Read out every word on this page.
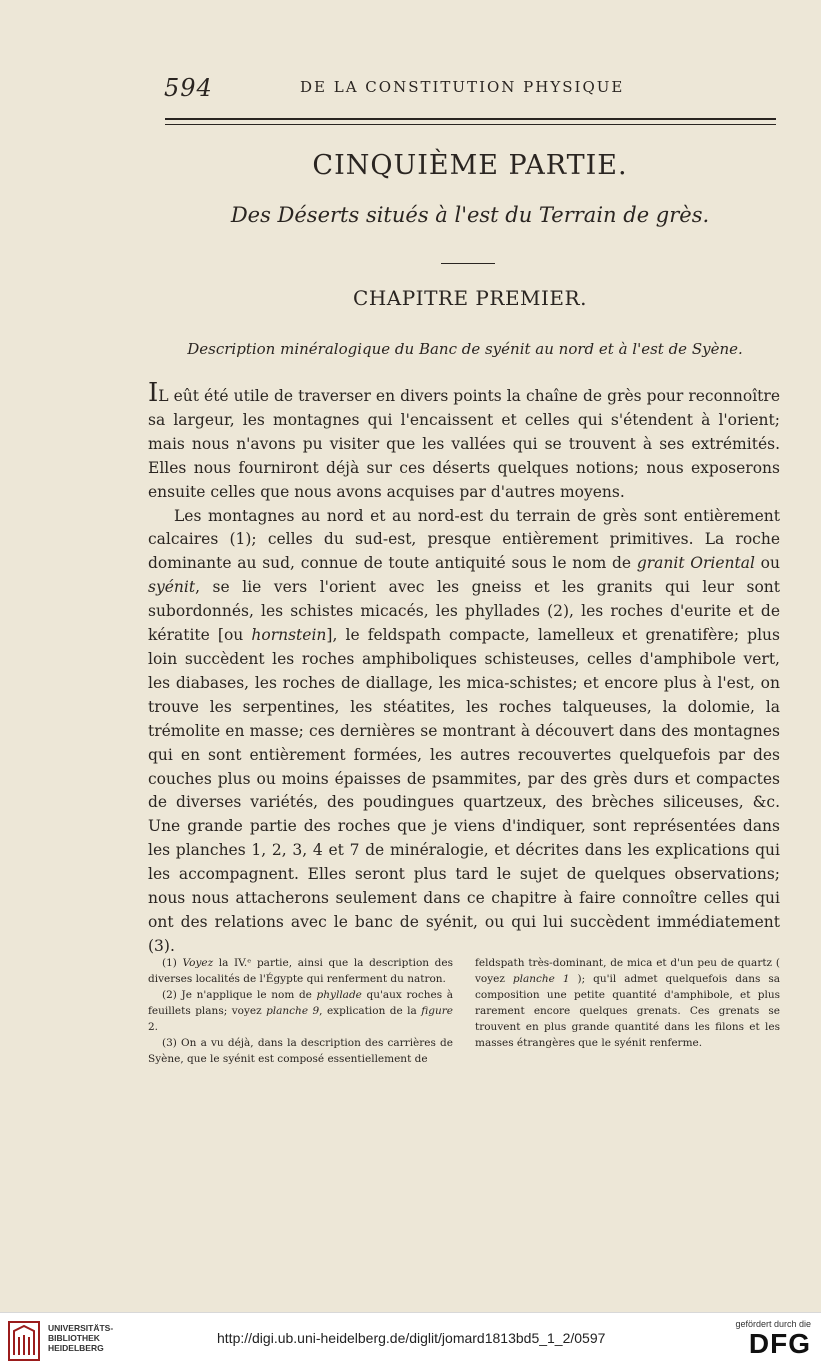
594	DE LA CONSTITUTION PHYSIQUE
CINQUIÈME PARTIE.
Des Déserts situés à l'est du Terrain de grès.
CHAPITRE PREMIER.
Description minéralogique du Banc de syénit au nord et à l'est de Syène.

IL eût été utile de traverser en divers points la chaîne de grès pour reconnoître sa largeur, les montagnes qui l'encaissent et celles qui s'étendent à l'orient; mais nous n'avons pu visiter que les vallées qui se trouvent à ses extrémités. Elles nous fourniront déjà sur ces déserts quelques notions; nous exposerons ensuite celles que nous avons acquises par d'autres moyens.

Les montagnes au nord et au nord-est du terrain de grès sont entièrement calcaires (1); celles du sud-est, presque entièrement primitives. La roche dominante au sud, connue de toute antiquité sous le nom de granit Oriental ou syénit, se lie vers l'orient avec les gneiss et les granits qui leur sont subordonnés, les schistes micacés, les phyllades (2), les roches d'eurite et de kératite [ou hornstein], le feldspath compacte, lamelleux et grenatifère; plus loin succèdent les roches amphiboliques schisteuses, celles d'amphibole vert, les diabases, les roches de diallage, les mica-schistes; et encore plus à l'est, on trouve les serpentines, les stéatites, les roches talqueuses, la dolomie, la trémolite en masse; ces dernières se montrant à découvert dans des montagnes qui en sont entièrement formées, les autres recouvertes quelquefois par des couches plus ou moins épaisses de psammites, par des grès durs et compactes de diverses variétés, des poudingues quartzeux, des brèches siliceuses, &c. Une grande partie des roches que je viens d'indiquer, sont représentées dans les planches 1, 2, 3, 4 et 7 de minéralogie, et décrites dans les explications qui les accompagnent. Elles seront plus tard le sujet de quelques observations; nous nous attacherons seulement dans ce chapitre à faire connoître celles qui ont des relations avec le banc de syénit, ou qui lui succèdent immédiatement (3).

(1) Voyez la IV.ᵉ partie, ainsi que la description des diverses localités de l'Égypte qui renferment du natron.

(2) Je n'applique le nom de phyllade qu'aux roches à feuillets plans; voyez planche 9, explication de la figure 2.

(3) On a vu déjà, dans la description des carrières de Syène, que le syénit est composé essentiellement de

feldspath très-dominant, de mica et d'un peu de quartz ( voyez planche 1 ); qu'il admet quelquefois dans sa composition une petite quantité d'amphibole, et plus rarement encore quelques grenats. Ces grenats se trouvent en plus grande quantité dans les filons et les masses étrangères que le syénit renferme.

UNIVERSITÄTS-
BIBLIOTHEK
HEIDELBERG
http://digi.ub.uni-heidelberg.de/diglit/jomard1813bd5_1_2/0597
gefördert durch die
DFG
